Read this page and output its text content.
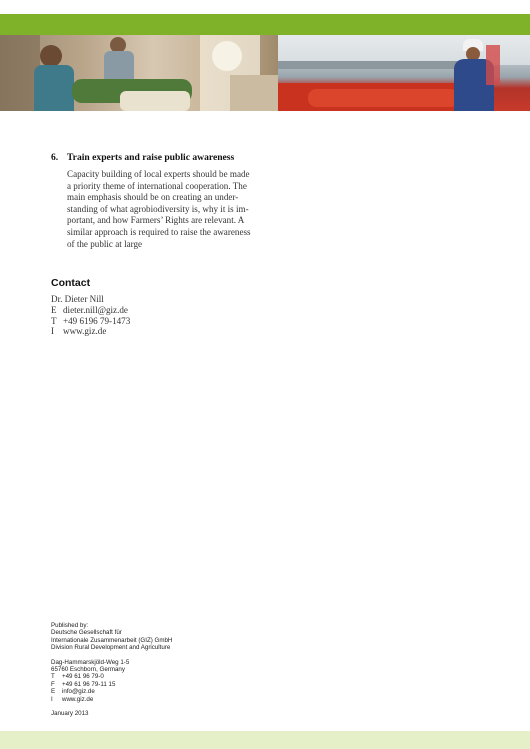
6. Train experts and raise public awareness
Capacity building of local experts should be made
a priority theme of international cooperation. The
main emphasis should be on creating an under-
standing of what agrobiodiversity is, why it is im-
portant, and how Farmers’ Rights are relevant. A
similar approach is required to raise the awareness
of the public at large
Contact
Dr. Dieter Nill
E dieter.nill@giz.de
T +49 6196 79-1473
I www.giz.de
Published by:
Deutsche Gesellschaft für
Internationale Zusammenarbeit (GIZ) GmbH
Division Rural Development and Agriculture
Dag-Hammarskjöld-Weg 1-5
65760 Eschborn, Germany
T +49 61 96 79-0
F +49 61 96 79-11 15
E info@giz.de
I www.giz.de
January 2013
